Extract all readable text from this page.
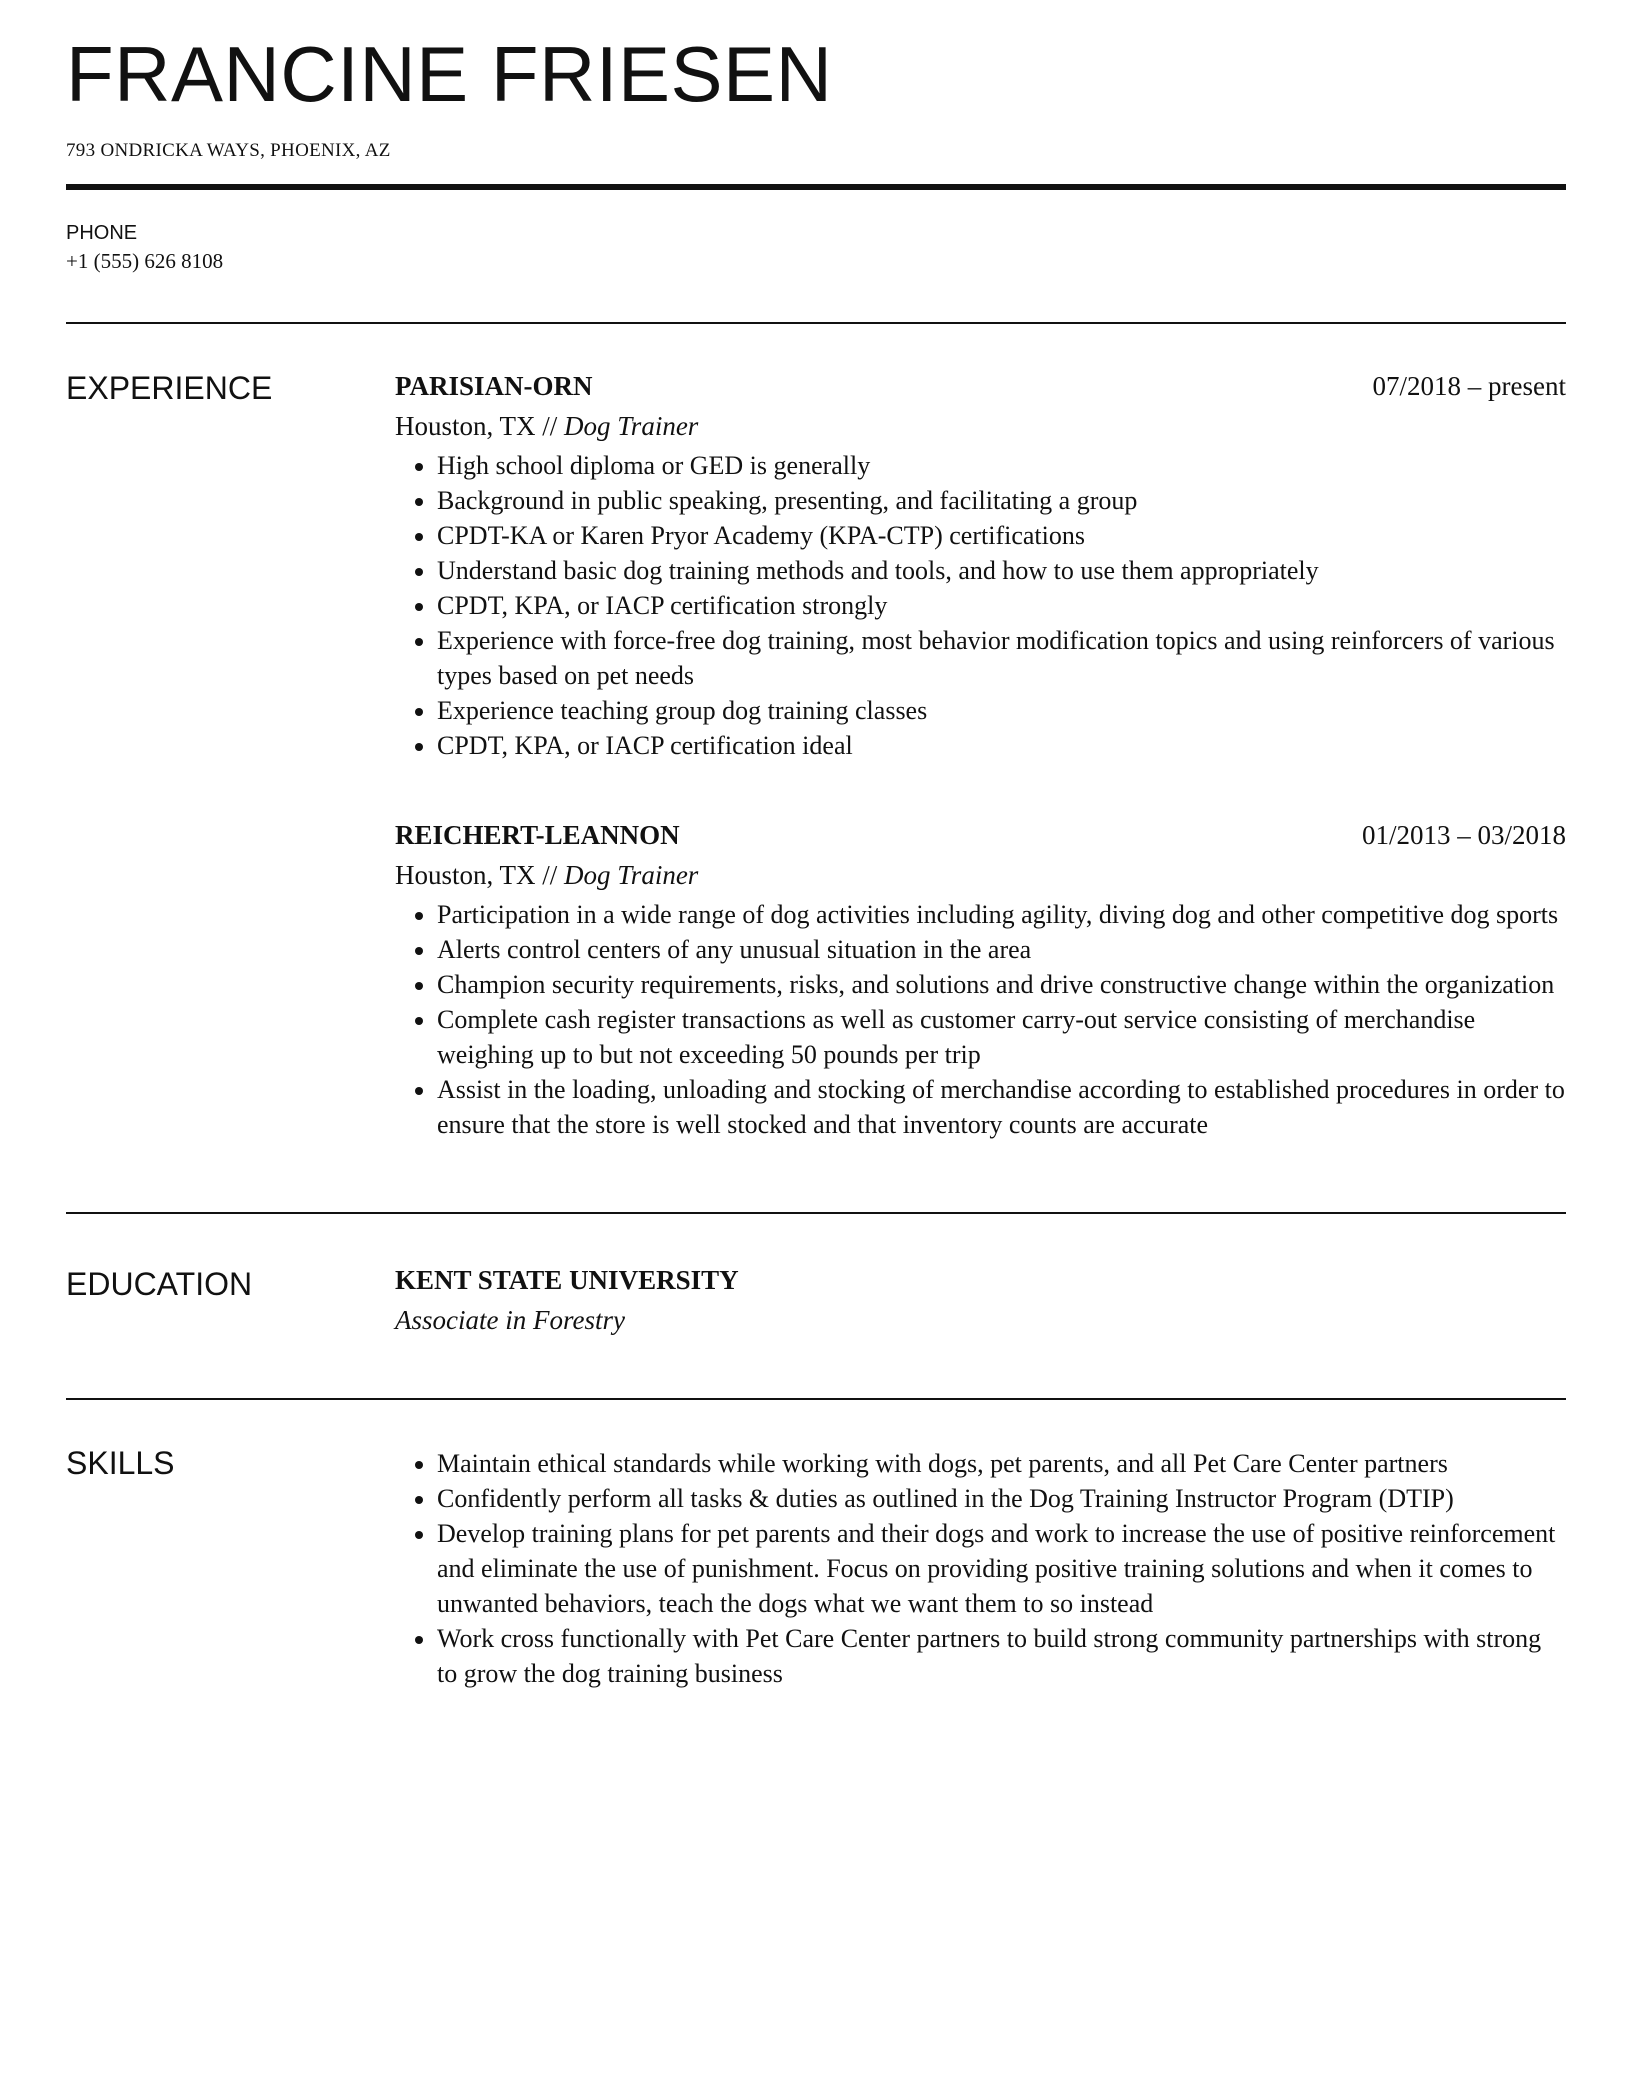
FRANCINE FRIESEN
793 ONDRICKA WAYS, PHOENIX, AZ
PHONE
+1 (555) 626 8108
EXPERIENCE	PARISIAN-ORN	07/2018 – present
Houston, TX // Dog Trainer
• High school diploma or GED is generally
• Background in public speaking, presenting, and facilitating a group
• CPDT-KA or Karen Pryor Academy (KPA-CTP) certifications
• Understand basic dog training methods and tools, and how to use them appropriately
• CPDT, KPA, or IACP certification strongly
• Experience with force-free dog training, most behavior modification topics and using reinforcers of various types based on pet needs
• Experience teaching group dog training classes
• CPDT, KPA, or IACP certification ideal
REICHERT-LEANNON	01/2013 – 03/2018
Houston, TX // Dog Trainer
• Participation in a wide range of dog activities including agility, diving dog and other competitive dog sports
• Alerts control centers of any unusual situation in the area
• Champion security requirements, risks, and solutions and drive constructive change within the organization
• Complete cash register transactions as well as customer carry-out service consisting of merchandise weighing up to but not exceeding 50 pounds per trip
• Assist in the loading, unloading and stocking of merchandise according to established procedures in order to ensure that the store is well stocked and that inventory counts are accurate
EDUCATION	KENT STATE UNIVERSITY
Associate in Forestry
SKILLS
•	Maintain ethical standards while working with dogs, pet parents, and all Pet Care Center partners
• Confidently perform all tasks & duties as outlined in the Dog Training Instructor Program (DTIP)
• Develop training plans for pet parents and their dogs and work to increase the use of positive reinforcement and eliminate the use of punishment. Focus on providing positive training solutions and when it comes to unwanted behaviors, teach the dogs what we want them to so instead
• Work cross functionally with Pet Care Center partners to build strong community partnerships with strong to grow the dog training business
